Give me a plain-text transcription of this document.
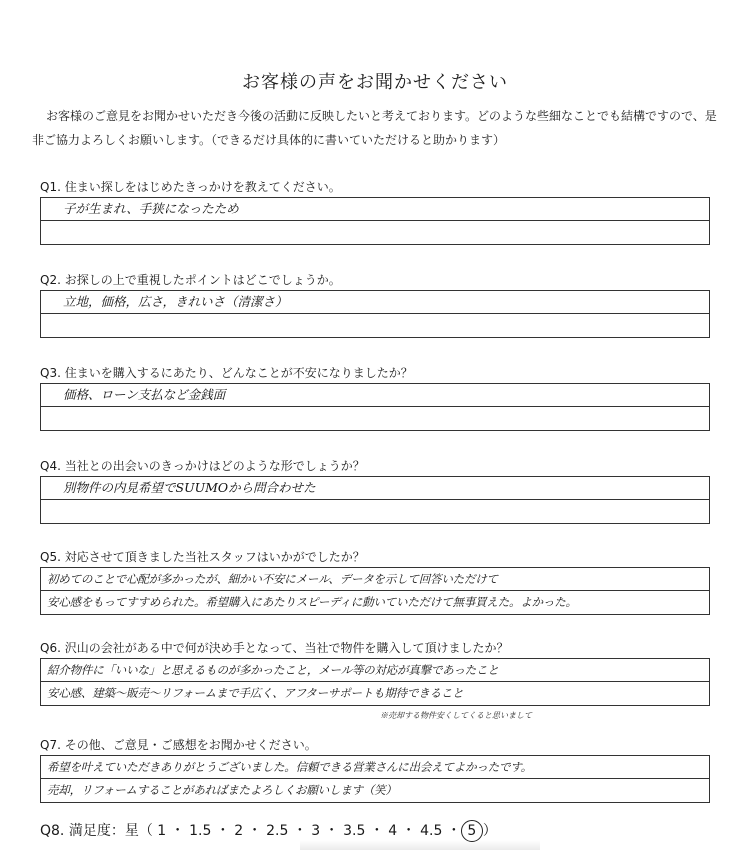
お客様の声をお聞かせください
お客様のご意見をお聞かせいただき今後の活動に反映したいと考えております。どのような些細なことでも結構ですので、是非ご協力よろしくお願いします。（できるだけ具体的に書いていただけると助かります）
Q1. 住まい探しをはじめたきっかけを教えてください。
子が生まれ、手狭になったため
Q2. お探しの上で重視したポイントはどこでしょうか。
立地，価格，広さ，きれいさ（清潔さ）
Q3. 住まいを購入するにあたり、どんなことが不安になりましたか？
価格、ローン支払など金銭面
Q4. 当社との出会いのきっかけはどのような形でしょうか？
別物件の内見希望でSUUMOから問合わせた
Q5. 対応させて頂きました当社スタッフはいかがでしたか？
初めてのことで心配が多かったが、細かい不安にメール、データを示して回答いただけて
安心感をもってすすめられた。希望購入にあたりスピーディに動いていただけて無事買えた。よかった。
Q6. 沢山の会社がある中で何が決め手となって、当社で物件を購入して頂けましたか？
紹介物件に「いいな」と思えるものが多かったこと，メール等の対応が真撃であったこと
安心感、建築～販売～リフォームまで手広く、アフターサポートも期待できること
※売却する物件安くしてくると思いまして
Q7. その他、ご意見・ご感想をお聞かせください。
希望を叶えていただきありがとうございました。信頼できる営業さんに出会えてよかったです。
売却，リフォームすることがあればまたよろしくお願いします（笑）
Q8. 満足度：星（ 1 ・ 1.5 ・ 2 ・ 2.5 ・ 3 ・ 3.5 ・ 4 ・ 4.5 ・ 5 ）
